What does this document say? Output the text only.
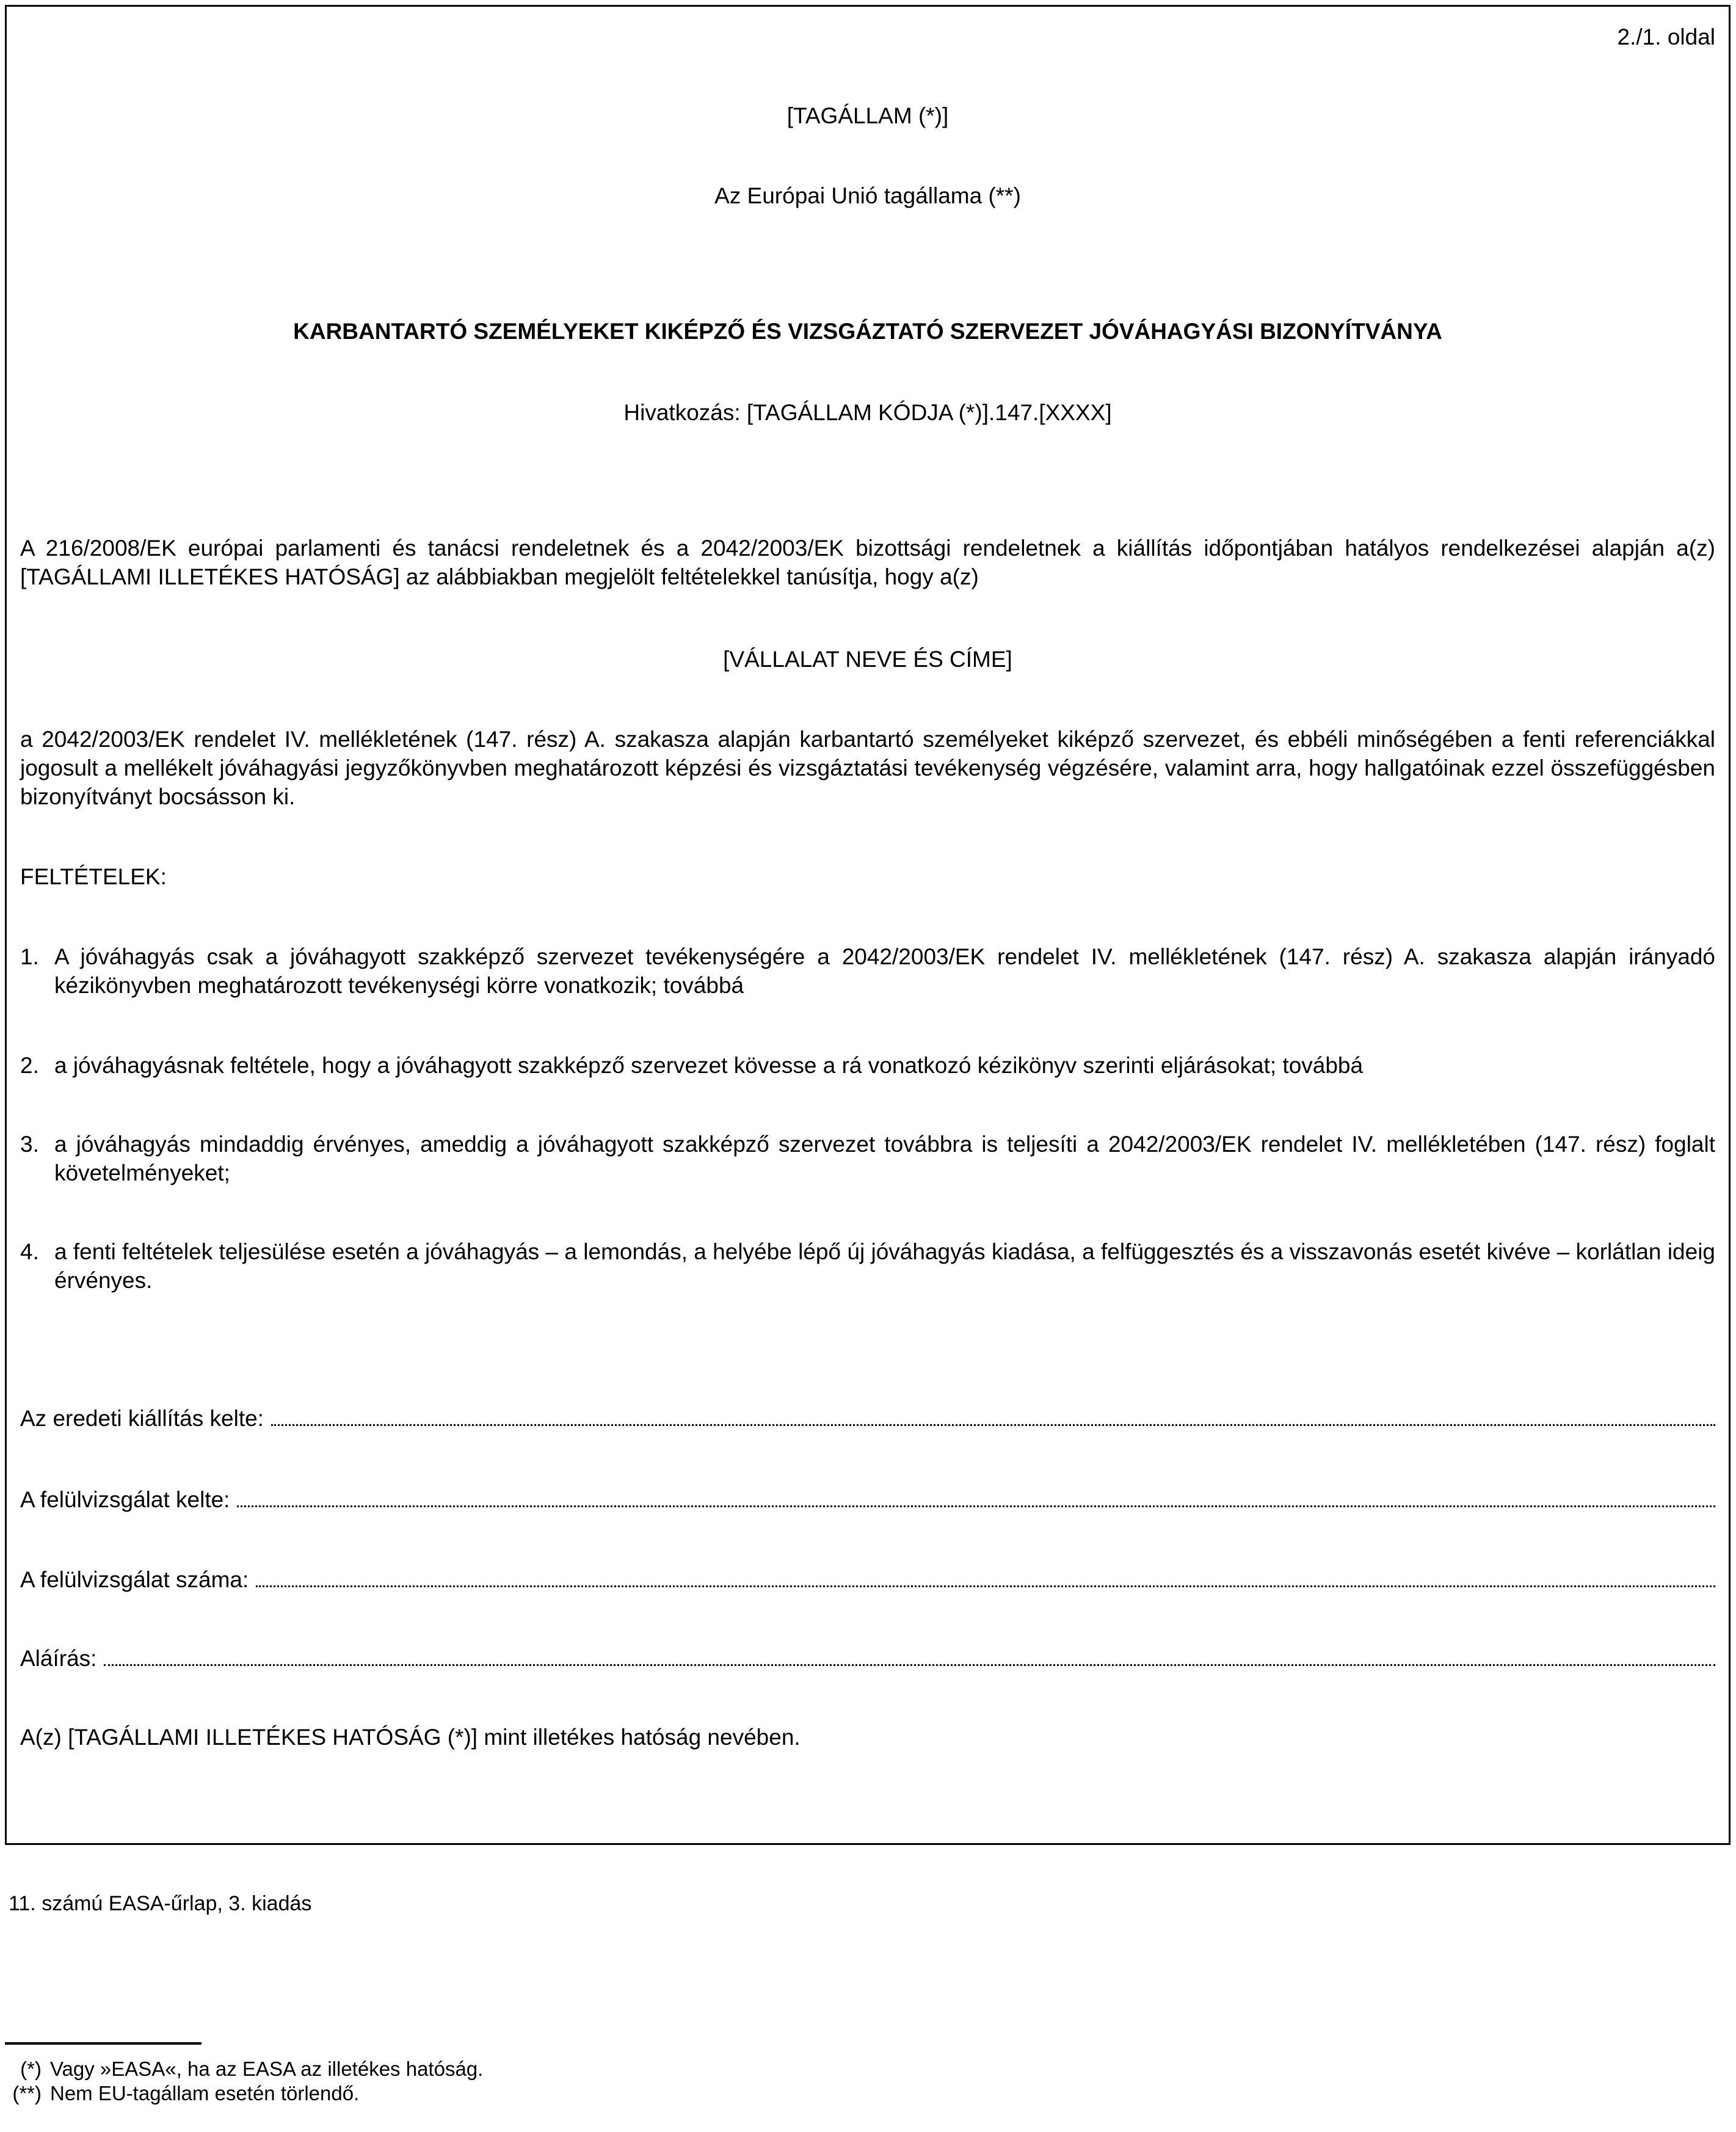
2./1. oldal
[TAGÁLLAM (*)]
Az Európai Unió tagállama (**)
KARBANTARTÓ SZEMÉLYEKET KIKÉPZŐ ÉS VIZSGÁZTATÓ SZERVEZET JÓVÁHAGYÁSI BIZONYÍTVÁNYA
Hivatkozás: [TAGÁLLAM KÓDJA (*)].147.[XXXX]
A 216/2008/EK európai parlamenti és tanácsi rendeletnek és a 2042/2003/EK bizottsági rendeletnek a kiállítás időpontjában hatályos rendelkezései alapján a(z) [TAGÁLLAMI ILLETÉKES HATÓSÁG] az alábbiakban megjelölt feltételekkel tanúsítja, hogy a(z)
[VÁLLALAT NEVE ÉS CÍME]
a 2042/2003/EK rendelet IV. mellékletének (147. rész) A. szakasza alapján karbantartó személyeket kiképző szervezet, és ebbéli minőségében a fenti referenciákkal jogosult a mellékelt jóváhagyási jegyzőkönyvben meghatározott képzési és vizsgáztatási tevékenység végzésére, valamint arra, hogy hallgatóinak ezzel összefüggésben bizonyítványt bocsásson ki.
FELTÉTELEK:
1. A jóváhagyás csak a jóváhagyott szakképző szervezet tevékenységére a 2042/2003/EK rendelet IV. mellékletének (147. rész) A. szakasza alapján irányadó kézikönyvben meghatározott tevékenységi körre vonatkozik; továbbá
2. a jóváhagyásnak feltétele, hogy a jóváhagyott szakképző szervezet kövesse a rá vonatkozó kézikönyv szerinti eljárásokat; továbbá
3. a jóváhagyás mindaddig érvényes, ameddig a jóváhagyott szakképző szervezet továbbra is teljesíti a 2042/2003/EK rendelet IV. mellékletében (147. rész) foglalt követelményeket;
4. a fenti feltételek teljesülése esetén a jóváhagyás – a lemondás, a helyébe lépő új jóváhagyás kiadása, a felfüggesztés és a visszavonás esetét kivéve – korlátlan ideig érvényes.
Az eredeti kiállítás kelte:
A felülvizsgálat kelte:
A felülvizsgálat száma:
Aláírás:
A(z) [TAGÁLLAMI ILLETÉKES HATÓSÁG (*)] mint illetékes hatóság nevében.
11. számú EASA-űrlap, 3. kiadás
(*) Vagy »EASA«, ha az EASA az illetékes hatóság.
(**) Nem EU-tagállam esetén törlendő.
